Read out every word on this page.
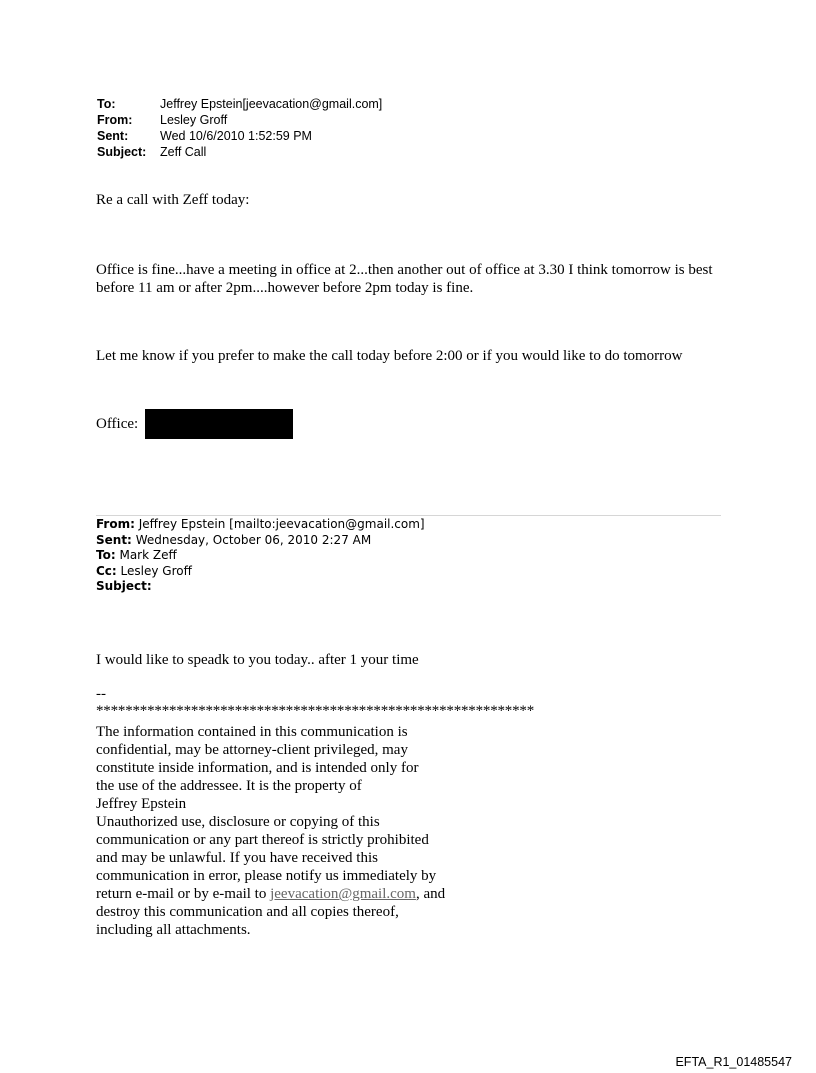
To:	Jeffrey Epstein[jeevacation@gmail.com]
From:	Lesley Groff
Sent:	Wed 10/6/2010 1:52:59 PM
Subject:	Zeff Call
Re a call with Zeff today:
Office is fine...have a meeting in office at 2...then another out of office at 3.30 I think tomorrow is best before 11 am or after 2pm....however before 2pm today is fine.
Let me know if you prefer to make the call today before 2:00 or if you would like to do tomorrow
Office:
From: Jeffrey Epstein [mailto:jeevacation@gmail.com]
Sent: Wednesday, October 06, 2010 2:27 AM
To: Mark Zeff
Cc: Lesley Groff
Subject:
I would like to speadk to you today.. after 1 your time
--
************************************************************
The information contained in this communication is
confidential, may be attorney-client privileged, may
constitute inside information, and is intended only for
the use of the addressee. It is the property of
Jeffrey Epstein
Unauthorized use, disclosure or copying of this
communication or any part thereof is strictly prohibited
and may be unlawful. If you have received this
communication in error, please notify us immediately by
return e-mail or by e-mail to jeevacation@gmail.com, and
destroy this communication and all copies thereof,
including all attachments.
EFTA_R1_01485547
